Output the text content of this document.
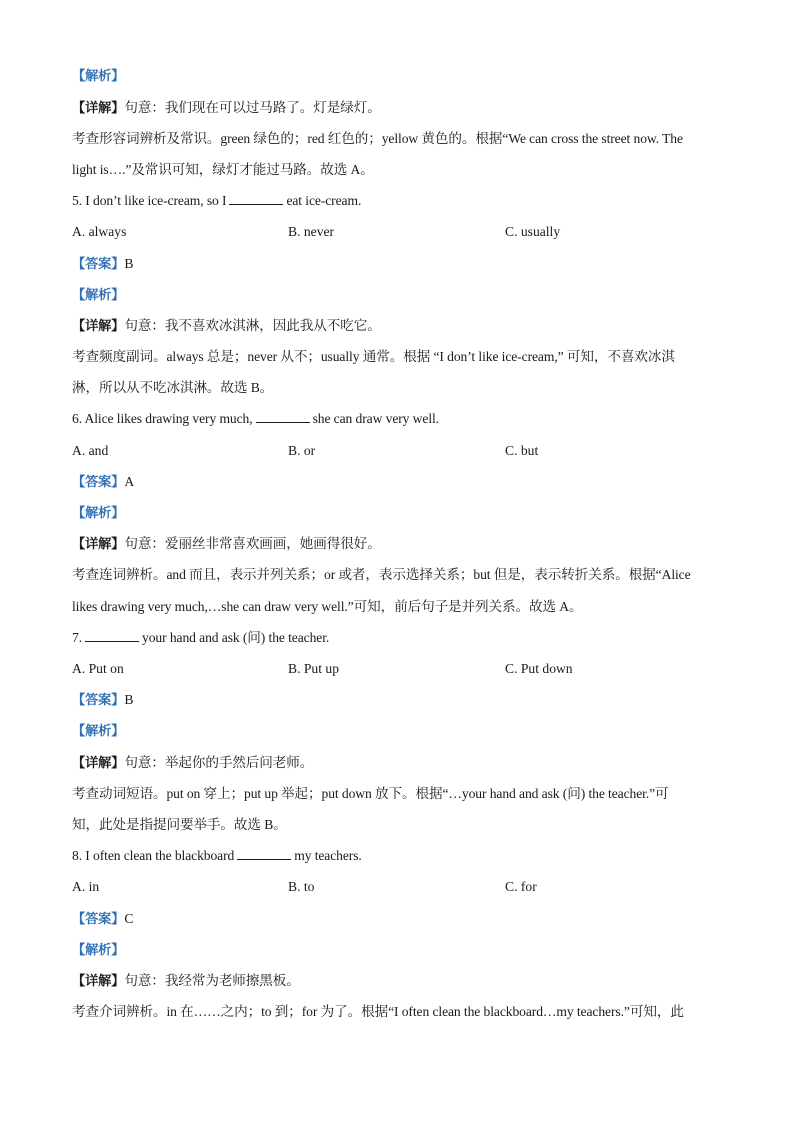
【解析】
【详解】句意：我们现在可以过马路了。灯是绿灯。
考查形容词辨析及常识。green 绿色的；red 红色的；yellow 黄色的。根据“We can cross the street now. The
light is….”及常识可知，绿灯才能过马路。故选 A。
5. I don’t like ice-cream, so I	eat ice-cream.
A. always	B. never	C. usually
【答案】B
【解析】
【详解】句意：我不喜欢冰淇淋，因此我从不吃它。
考查频度副词。always 总是；never 从不；usually 通常。根据 “I don’t like ice-cream,” 可知，不喜欢冰淇
淋，所以从不吃冰淇淋。故选 B。
6. Alice likes drawing very much,	she can draw very well.
A. and	B. or	C. but
【答案】A
【解析】
【详解】句意：爱丽丝非常喜欢画画，她画得很好。
考查连词辨析。and 而且，表示并列关系；or 或者，表示选择关系；but 但是，表示转折关系。根据“Alice
likes drawing very much,…she can draw very well.”可知，前后句子是并列关系。故选 A。
7.	your hand and ask (问) the teacher.
A. Put on	B. Put up	C. Put down
【答案】B
【解析】
【详解】句意：举起你的手然后问老师。
考查动词短语。put on 穿上；put up 举起；put down 放下。根据“…your hand and ask (问) the teacher.”可
知，此处是指提问要举手。故选 B。
8. I often clean the blackboard	my teachers.
A. in	B. to	C. for
【答案】C
【解析】
【详解】句意：我经常为老师擦黑板。
考查介词辨析。in 在……之内；to 到；for 为了。根据“I often clean the blackboard…my teachers.”可知，此
